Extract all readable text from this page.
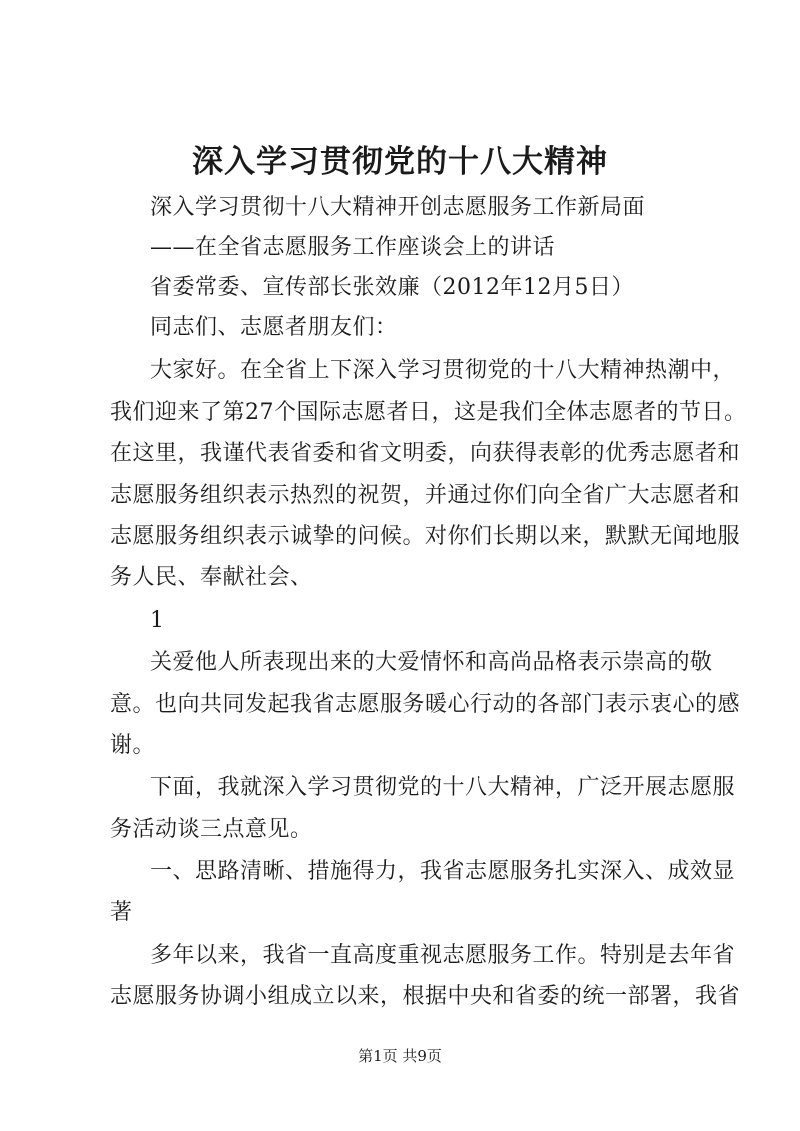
深入学习贯彻党的十八大精神
深入学习贯彻十八大精神开创志愿服务工作新局面
——在全省志愿服务工作座谈会上的讲话
省委常委、宣传部长张效廉（2012年12月5日）
同志们、志愿者朋友们：
大家好。在全省上下深入学习贯彻党的十八大精神热潮中，
我们迎来了第27个国际志愿者日，这是我们全体志愿者的节日。
在这里，我谨代表省委和省文明委，向获得表彰的优秀志愿者和
志愿服务组织表示热烈的祝贺，并通过你们向全省广大志愿者和
志愿服务组织表示诚挚的问候。对你们长期以来，默默无闻地服
务人民、奉献社会、
1
关爱他人所表现出来的大爱情怀和高尚品格表示崇高的敬
意。也向共同发起我省志愿服务暖心行动的各部门表示衷心的感
谢。
下面，我就深入学习贯彻党的十八大精神，广泛开展志愿服
务活动谈三点意见。
一、思路清晰、措施得力，我省志愿服务扎实深入、成效显
著
多年以来，我省一直高度重视志愿服务工作。特别是去年省
志愿服务协调小组成立以来，根据中央和省委的统一部署，我省
第1页 共9页
